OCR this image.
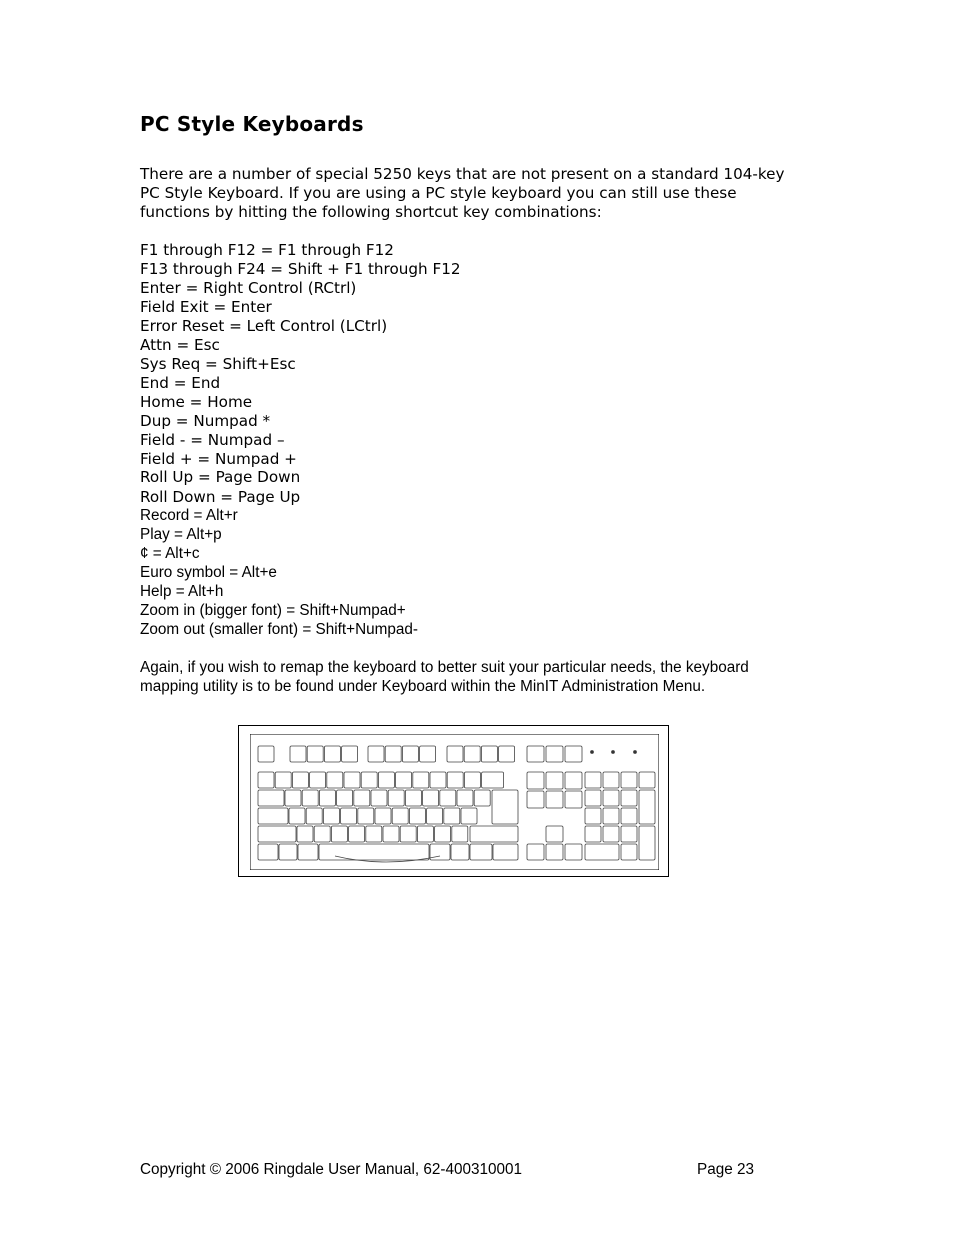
PC Style Keyboards

There are a number of special 5250 keys that are not present on a standard 104-key

PC Style Keyboard. If you are using a PC style keyboard you can still use these

functions by hitting the following shortcut key combinations:

F1 through F12 = F1 through F12

F13 through F24 = Shift + F1 through F12

Enter = Right Control (RCtrl)

Field Exit = Enter

Error Reset = Left Control (LCtrl)

Attn = Esc

Sys Req = Shift+Esc

End = End

Home = Home

Dup = Numpad *

Field - = Numpad –

Field + = Numpad +

Roll Up = Page Down

Roll Down = Page Up

Record = Alt+r

Play = Alt+p

¢ = Alt+c

Euro symbol = Alt+e

Help = Alt+h

Zoom in (bigger font) = Shift+Numpad+

Zoom out (smaller font) = Shift+Numpad-

Again, if you wish to remap the keyboard to better suit your particular needs, the keyboard

mapping utility is to be found under Keyboard within the MinIT Administration Menu.

Copyright © 2006 Ringdale User Manual, 62-400310001	Page 23
